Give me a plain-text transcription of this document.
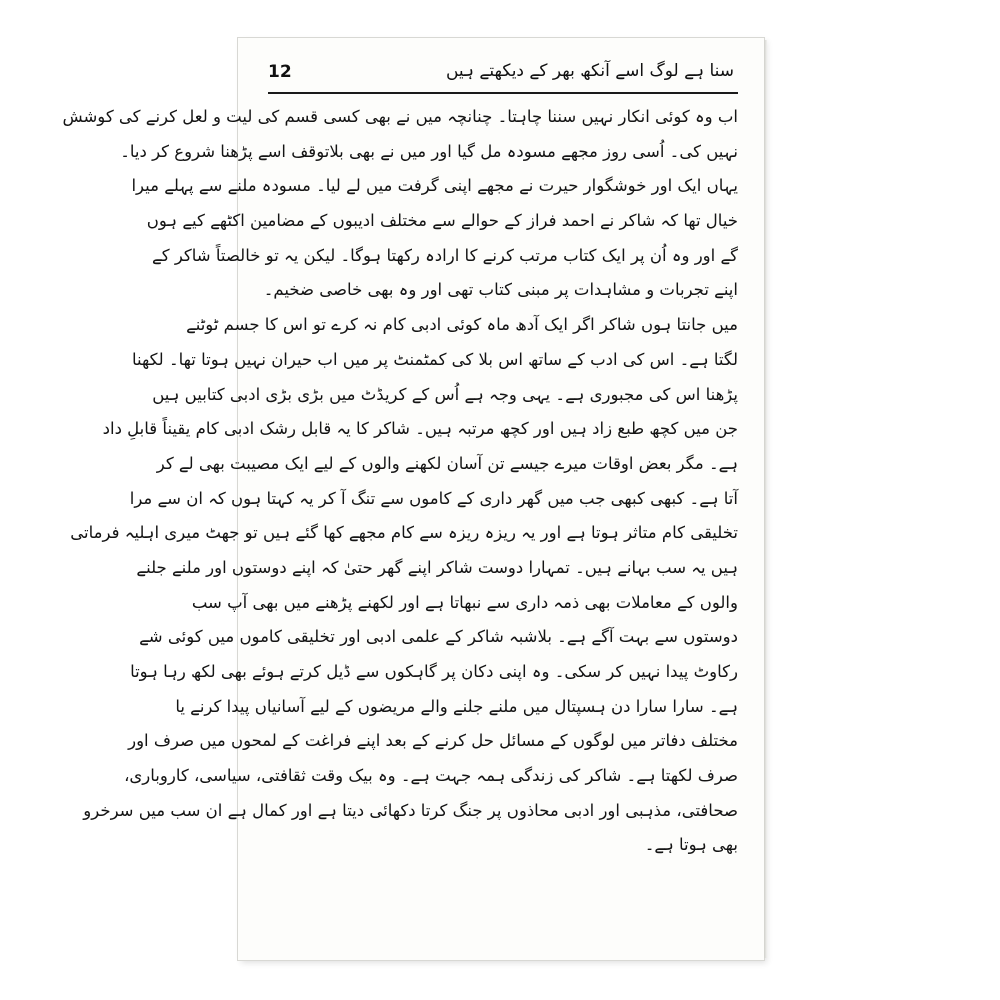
12	سنا ہے لوگ اسے آنکھ بھر کے دیکھتے ہیں
اب وہ کوئی انکار نہیں سننا چاہتا۔ چنانچہ میں نے بھی کسی قسم کی لیت و لعل کرنے کی کوشش
نہیں کی۔ اُسی روز مجھے مسودہ مل گیا اور میں نے بھی بلاتوقف اسے پڑھنا شروع کر دیا۔
یہاں ایک اور خوشگوار حیرت نے مجھے اپنی گرفت میں لے لیا۔ مسودہ ملنے سے پہلے میرا
خیال تھا کہ شاکر نے احمد فراز کے حوالے سے مختلف ادیبوں کے مضامین اکٹھے کیے ہوں
گے اور وہ اُن پر ایک کتاب مرتب کرنے کا ارادہ رکھتا ہوگا۔ لیکن یہ تو خالصتاً شاکر کے
اپنے تجربات و مشاہدات پر مبنی کتاب تھی اور وہ بھی خاصی ضخیم۔
میں جانتا ہوں شاکر اگر ایک آدھ ماہ کوئی ادبی کام نہ کرے تو اس کا جسم ٹوٹنے
لگتا ہے۔ اس کی ادب کے ساتھ اس بلا کی کمٹمنٹ پر میں اب حیران نہیں ہوتا تھا۔ لکھنا
پڑھنا اس کی مجبوری ہے۔ یہی وجہ ہے اُس کے کریڈٹ میں بڑی بڑی ادبی کتابیں ہیں
جن میں کچھ طبع زاد ہیں اور کچھ مرتبہ ہیں۔ شاکر کا یہ قابل رشک ادبی کام یقیناً قابلِ داد
ہے۔ مگر بعض اوقات میرے جیسے تن آسان لکھنے والوں کے لیے ایک مصیبت بھی لے کر
آتا ہے۔ کبھی کبھی جب میں گھر داری کے کاموں سے تنگ آ کر یہ کہتا ہوں کہ ان سے مرا
تخلیقی کام متاثر ہوتا ہے اور یہ ریزہ ریزہ سے کام مجھے کھا گئے ہیں تو جھٹ میری اہلیہ فرماتی
ہیں یہ سب بہانے ہیں۔ تمہارا دوست شاکر اپنے گھر حتیٰ کہ اپنے دوستوں اور ملنے جلنے
والوں کے معاملات بھی ذمہ داری سے نبھاتا ہے اور لکھنے پڑھنے میں بھی آپ سب
دوستوں سے بہت آگے ہے۔ بلاشبہ شاکر کے علمی ادبی اور تخلیقی کاموں میں کوئی شے
رکاوٹ پیدا نہیں کر سکی۔ وہ اپنی دکان پر گاہکوں سے ڈیل کرتے ہوئے بھی لکھ رہا ہوتا
ہے۔ سارا سارا دن ہسپتال میں ملنے جلنے والے مریضوں کے لیے آسانیاں پیدا کرنے یا
مختلف دفاتر میں لوگوں کے مسائل حل کرنے کے بعد اپنے فراغت کے لمحوں میں صرف اور
صرف لکھتا ہے۔ شاکر کی زندگی ہمہ جہت ہے۔ وہ بیک وقت ثقافتی، سیاسی، کاروباری،
صحافتی، مذہبی اور ادبی محاذوں پر جنگ کرتا دکھائی دیتا ہے اور کمال ہے ان سب میں سرخرو
بھی ہوتا ہے۔
